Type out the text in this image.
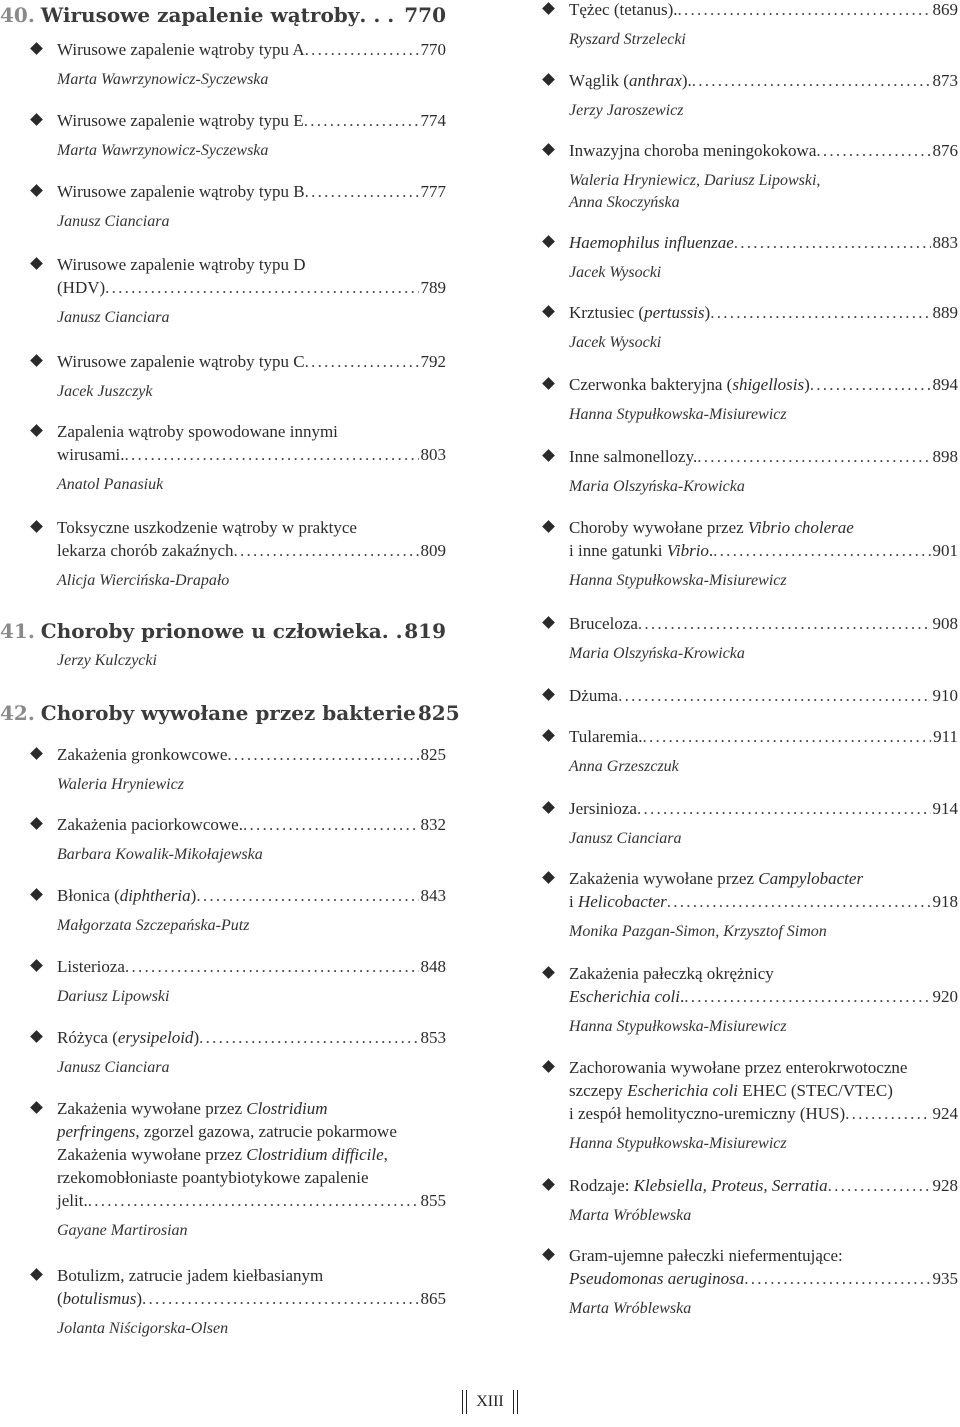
40. Wirusowe zapalenie wątroby . . . 770
Wirusowe zapalenie wątroby typu A . . .	770
Marta Wawrzynowicz-Syczewska
Wirusowe zapalenie wątroby typu E . . .	774
Marta Wawrzynowicz-Syczewska
Wirusowe zapalenie wątroby typu B . . .	777
Janusz Cianciara
Wirusowe zapalenie wątroby typu D
(HDV) . . .	789
Janusz Cianciara
Wirusowe zapalenie wątroby typu C . . .	792
Jacek Juszczyk
Zapalenia wątroby spowodowane innymi
wirusami. . . .	803
Anatol Panasiuk
Toksyczne uszkodzenie wątroby w praktyce
lekarza chorób zakaźnych . . .	809
Alicja Wiercińska-Drapało
41. Choroby prionowe u człowieka . . . 819
Jerzy Kulczycki
42. Choroby wywołane przez bakterie 825
Zakażenia gronkowcowe . . .	825
Waleria Hryniewicz
Zakażenia paciorkowcowe. . . .	832
Barbara Kowalik-Mikołajewska
Błonica (diphtheria) . . .	843
Małgorzata Szczepańska-Putz
Listerioza . . .	848
Dariusz Lipowski
Różyca (erysipeloid) . . .	853
Janusz Cianciara
Zakażenia wywołane przez Clostridium
perfringens, zgorzel gazowa, zatrucie pokarmowe
Zakażenia wywołane przez Clostridium difficile,
rzekomobłoniaste poantybiotykowe zapalenie
jelit. . . .	855
Gayane Martirosian
Botulizm, zatrucie jadem kiełbasianym
(botulismus) . . .	865
Jolanta Niścigorska-Olsen
Tężec (tetanus). . . .	869
Ryszard Strzelecki
Wąglik (anthrax). . . .	873
Jerzy Jaroszewicz
Inwazyjna choroba meningokokowa . . .	876
Waleria Hryniewicz, Dariusz Lipowski,
Anna Skoczyńska
Haemophilus influenzae . . .	883
Jacek Wysocki
Krztusiec (pertussis) . . .	889
Jacek Wysocki
Czerwonka bakteryjna (shigellosis) . . .	894
Hanna Stypułkowska-Misiurewicz
Inne salmonellozy. . . .	898
Maria Olszyńska-Krowicka
Choroby wywołane przez Vibrio cholerae
i inne gatunki Vibrio. . . .	901
Hanna Stypułkowska-Misiurewicz
Bruceloza . . .	908
Maria Olszyńska-Krowicka
Dżuma . . .	910
Tularemia. . . .	911
Anna Grzeszczuk
Jersinioza . . .	914
Janusz Cianciara
Zakażenia wywołane przez Campylobacter
i Helicobacter . . .	918
Monika Pazgan-Simon, Krzysztof Simon
Zakażenia pałeczką okrężnicy
Escherichia coli. . . .	920
Hanna Stypułkowska-Misiurewicz
Zachorowania wywołane przez enterokrwotoczne
szczepy Escherichia coli EHEC (STEC/VTEC)
i zespół hemolityczno-uremiczny (HUS) . . .	924
Hanna Stypułkowska-Misiurewicz
Rodzaje: Klebsiella, Proteus, Serratia . . .	928
Marta Wróblewska
Gram-ujemne pałeczki niefermentujące:
Pseudomonas aeruginosa . . .	935
Marta Wróblewska
XIII
